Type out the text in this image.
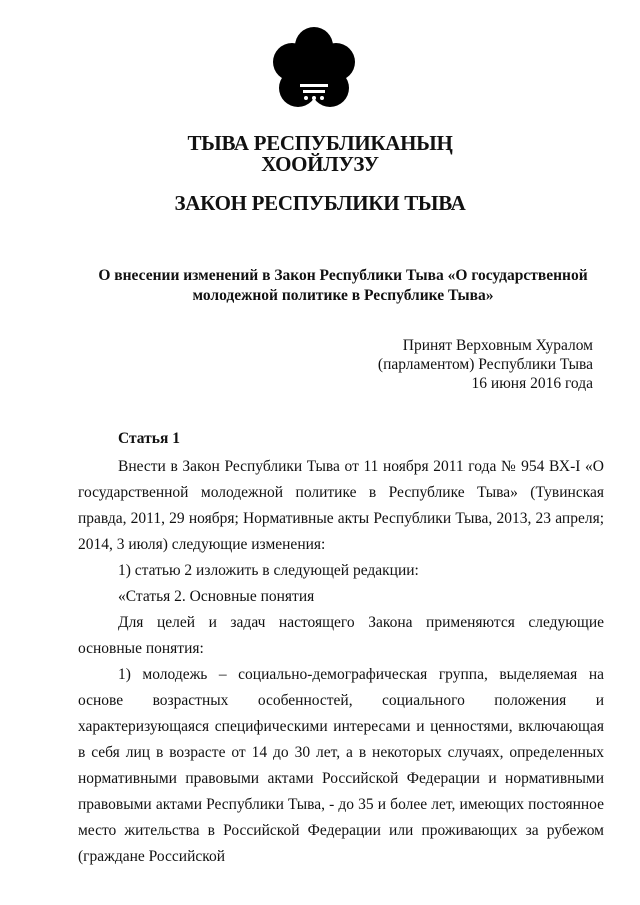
ТЫВА РЕСПУБЛИКАНЫҢ
ХООЙЛУЗУ
ЗАКОН РЕСПУБЛИКИ ТЫВА
О внесении изменений в Закон Республики Тыва «О государственной молодежной политике в Республике Тыва»
Принят Верховным Хуралом
(парламентом) Республики Тыва
16 июня 2016 года

Статья 1

Внести в Закон Республики Тыва от 11 ноября 2011 года № 954 ВХ-I «О государственной молодежной политике в Республике Тыва» (Тувинская правда, 2011, 29 ноября; Нормативные акты Республики Тыва, 2013, 23 апреля; 2014, 3 июля) следующие изменения:

1) статью 2 изложить в следующей редакции:

«Статья 2. Основные понятия

Для целей и задач настоящего Закона применяются следующие основные понятия:

1) молодежь – социально-демографическая группа, выделяемая на основе возрастных особенностей, социального положения и характеризующаяся специфическими интересами и ценностями, включающая в себя лиц в возрасте от 14 до 30 лет, а в некоторых случаях, определенных нормативными правовыми актами Российской Федерации и нормативными правовыми актами Республики Тыва, - до 35 и более лет, имеющих постоянное место жительства в Российской Федерации или проживающих за рубежом (граждане Российской
